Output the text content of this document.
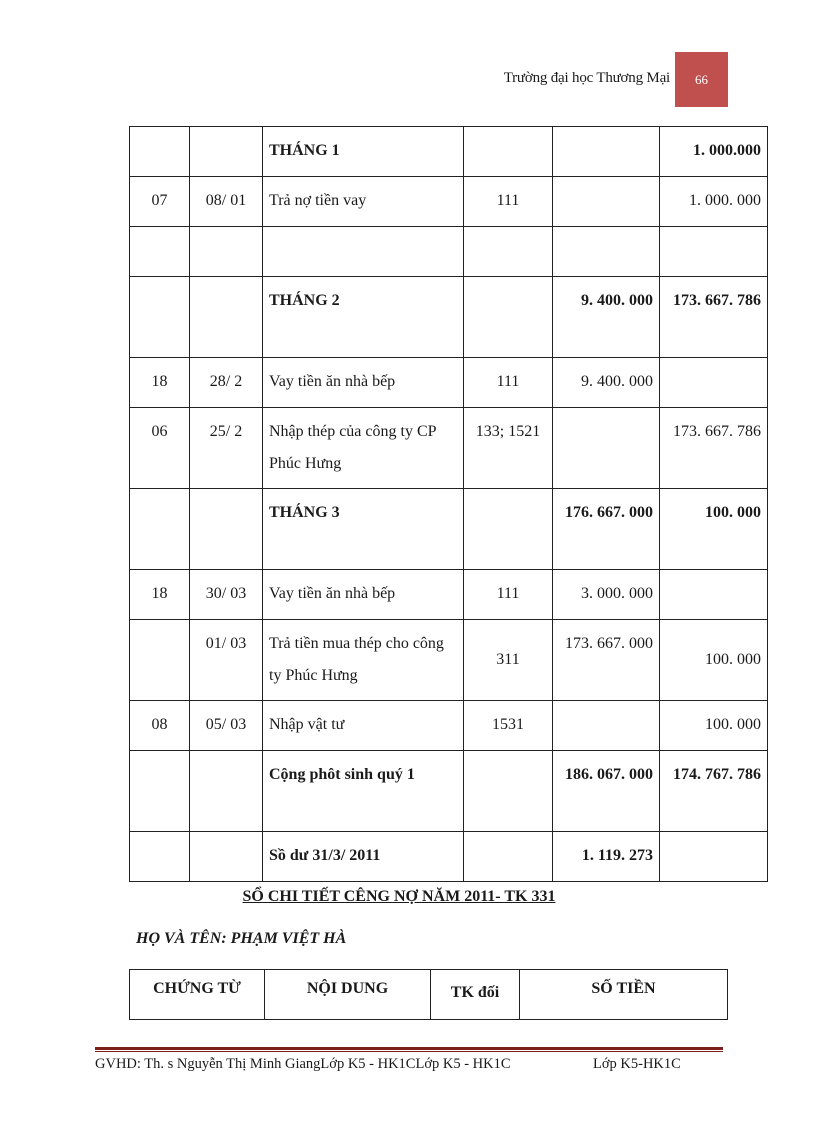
Trường đại học Thương Mại	66
		THÁNG 1			1. 000.000
07	08/ 01	Trả nợ tiền vay	111		1. 000. 000

		THÁNG 2		9. 400. 000	173. 667. 786
18	28/ 2	Vay tiền ăn nhà bếp	111	9. 400. 000	
06	25/ 2	Nhập thép của công ty CP Phúc Hưng	133; 1521		173. 667. 786
		THÁNG 3		176. 667. 000	100. 000
18	30/ 03	Vay tiền ăn nhà bếp	111	3. 000. 000	
	01/ 03	Trả tiền mua thép cho công ty Phúc Hưng	311	173. 667. 000	100. 000
08	05/ 03	Nhập vật tư	1531		100. 000
		Cộng phôt sinh quý 1		186. 067. 000	174. 767. 786
		Sồ dư 31/3/ 2011		1. 119. 273	
SỔ CHI TIẾT CÊNG NỢ NĂM 2011- TK 331
HỌ VÀ TÊN: PHẠM VIỆT HÀ
CHỨNG TỪ	NỘI DUNG	TK đối	SỐ TIỀN
GVHD: Th. s Nguyễn Thị Minh GiangLớp K5 - HK1CLớp K5 - HK1C	Lớp K5-HK1C
